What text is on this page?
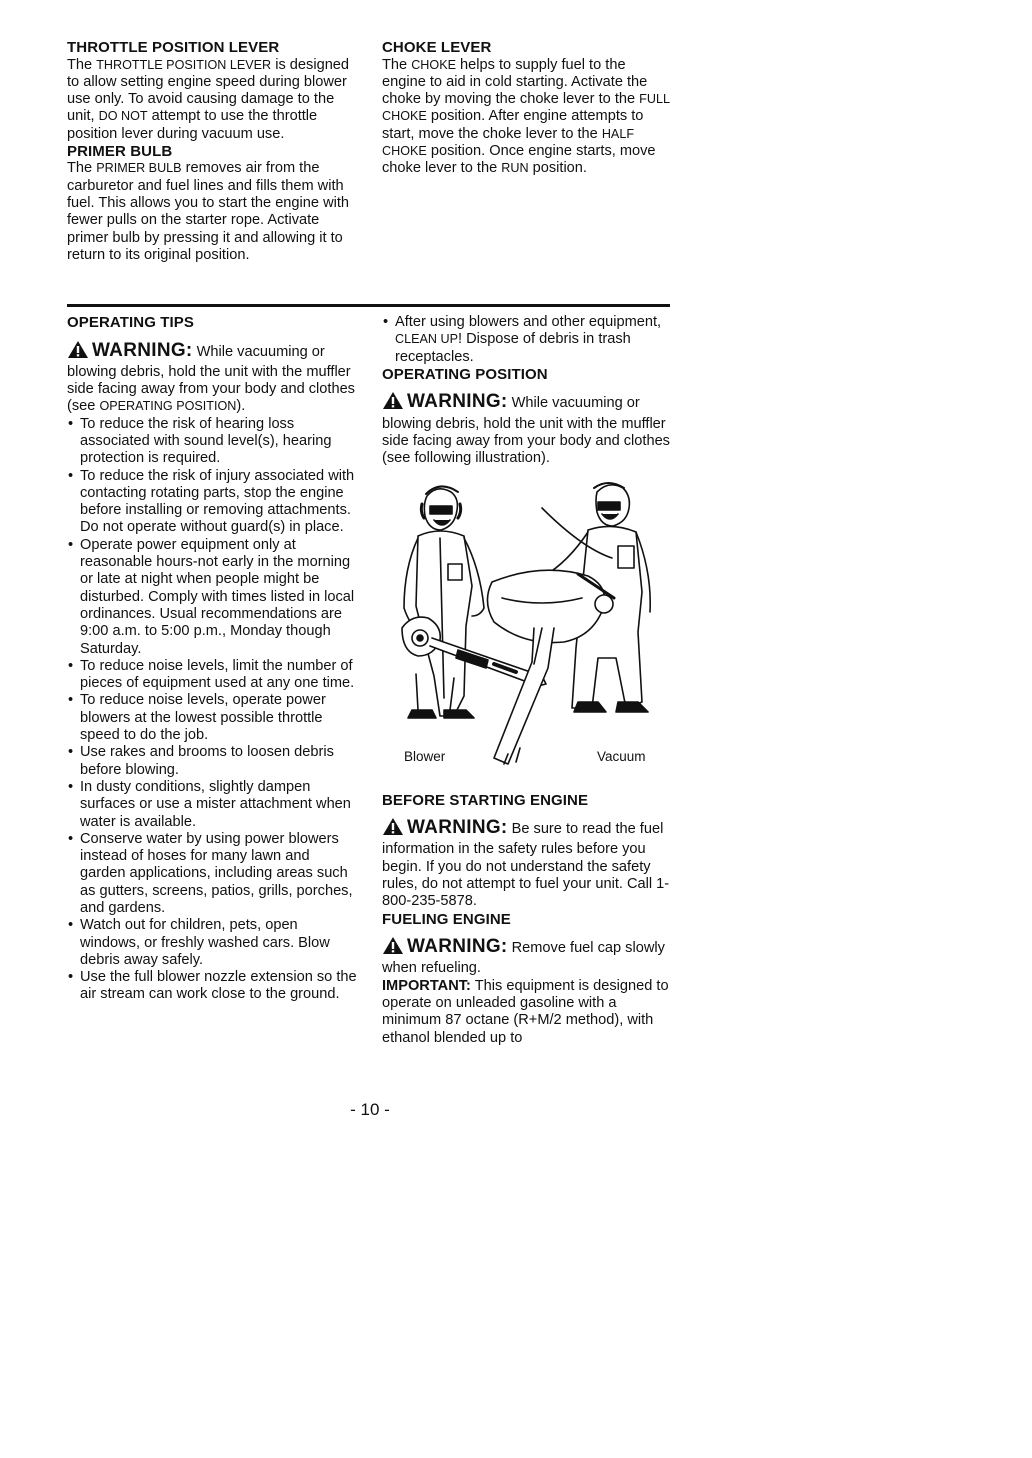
THROTTLE POSITION LEVER

The THROTTLE POSITION LEVER is designed to allow setting engine speed during blower use only. To avoid causing damage to the unit, DO NOT attempt to use the throttle position lever during vacuum use.

PRIMER BULB

The PRIMER BULB removes air from the carburetor and fuel lines and fills them with fuel. This allows you to start the engine with fewer pulls on the starter rope. Activate primer bulb by pressing it and allowing it to return to its original position.

CHOKE LEVER

The CHOKE helps to supply fuel to the engine to aid in cold starting. Activate the choke by moving the choke lever to the FULL CHOKE position. After engine attempts to start, move the choke lever to the HALF CHOKE position. Once engine starts, move choke lever to the RUN position.

OPERATING TIPS

WARNING: While vacuuming or blowing debris, hold the unit with the muffler side facing away from your body and clothes (see OPERATING POSITION).

• To reduce the risk of hearing loss associated with sound level(s), hearing protection is required.
• To reduce the risk of injury associated with contacting rotating parts, stop the engine before installing or removing attachments. Do not operate without guard(s) in place.
• Operate power equipment only at reasonable hours-not early in the morning or late at night when people might be disturbed. Comply with times listed in local ordinances. Usual recommendations are 9:00 a.m. to 5:00 p.m., Monday though Saturday.
• To reduce noise levels, limit the number of pieces of equipment used at any one time.
• To reduce noise levels, operate power blowers at the lowest possible throttle speed to do the job.
• Use rakes and brooms to loosen debris before blowing.
• In dusty conditions, slightly dampen surfaces or use a mister attachment when water is available.
• Conserve water by using power blowers instead of hoses for many lawn and garden applications, including areas such as gutters, screens, patios, grills, porches, and gardens.
• Watch out for children, pets, open windows, or freshly washed cars. Blow debris away safely.
• Use the full blower nozzle extension so the air stream can work close to the ground.
• After using blowers and other equipment, CLEAN UP! Dispose of debris in trash receptacles.
OPERATING POSITION

WARNING: While vacuuming or blowing debris, hold the unit with the muffler side facing away from your body and clothes (see following illustration).

Blower	Vacuum
BEFORE STARTING ENGINE

WARNING: Be sure to read the fuel information in the safety rules before you begin. If you do not understand the safety rules, do not attempt to fuel your unit. Call 1-800-235-5878.

FUELING ENGINE

WARNING: Remove fuel cap slowly when refueling.

IMPORTANT: This equipment is designed to operate on unleaded gasoline with a minimum 87 octane (R+M/2 method), with ethanol blended up to

- 10 -
